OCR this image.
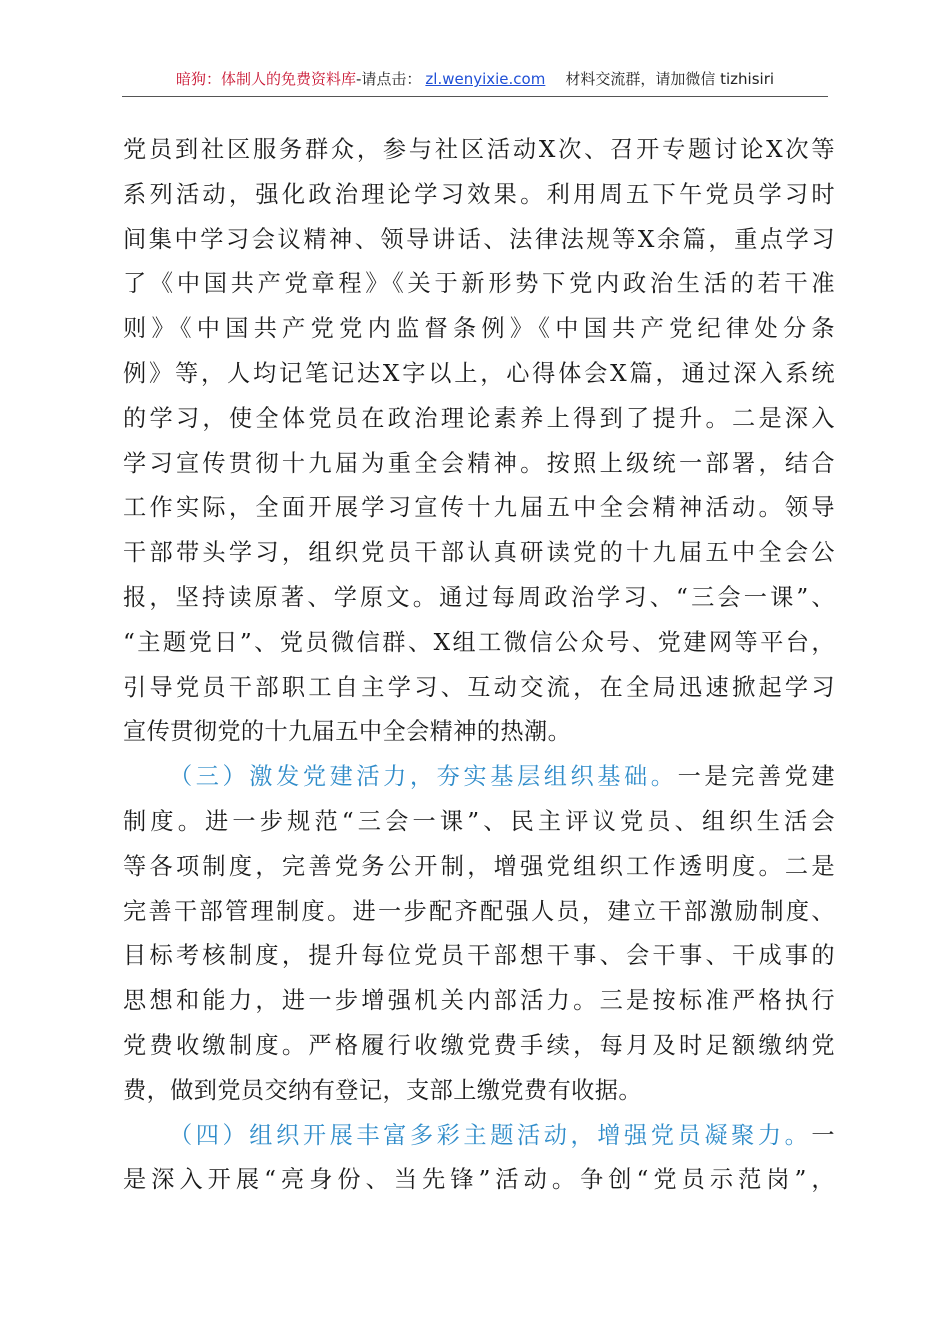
暗狗：体制人的免费资料库-请点击： zl.wenyixie.com 材料交流群，请加微信 tizhisiri
党员到社区服务群众，参与社区活动X次、召开专题讨论X次等
系列活动，强化政治理论学习效果。利用周五下午党员学习时
间集中学习会议精神、领导讲话、法律法规等X余篇，重点学习
了《中国共产党章程》《关于新形势下党内政治生活的若干准
则》《中国共产党党内监督条例》《中国共产党纪律处分条
例》等，人均记笔记达X字以上，心得体会X篇，通过深入系统
的学习，使全体党员在政治理论素养上得到了提升。二是深入
学习宣传贯彻十九届为重全会精神。按照上级统一部署，结合
工作实际，全面开展学习宣传十九届五中全会精神活动。领导
干部带头学习，组织党员干部认真研读党的十九届五中全会公
报，坚持读原著、学原文。通过每周政治学习、“三会一课”、
“主题党日”、党员微信群、X组工微信公众号、党建网等平台，
引导党员干部职工自主学习、互动交流，在全局迅速掀起学习
宣传贯彻党的十九届五中全会精神的热潮。
（三）激发党建活力，夯实基层组织基础。一是完善党建
制度。进一步规范“三会一课”、民主评议党员、组织生活会
等各项制度，完善党务公开制，增强党组织工作透明度。二是
完善干部管理制度。进一步配齐配强人员，建立干部激励制度、
目标考核制度，提升每位党员干部想干事、会干事、干成事的
思想和能力，进一步增强机关内部活力。三是按标准严格执行
党费收缴制度。严格履行收缴党费手续，每月及时足额缴纳党
费，做到党员交纳有登记，支部上缴党费有收据。
（四）组织开展丰富多彩主题活动，增强党员凝聚力。一
是深入开展“亮身份、当先锋”活动。争创“党员示范岗”，
